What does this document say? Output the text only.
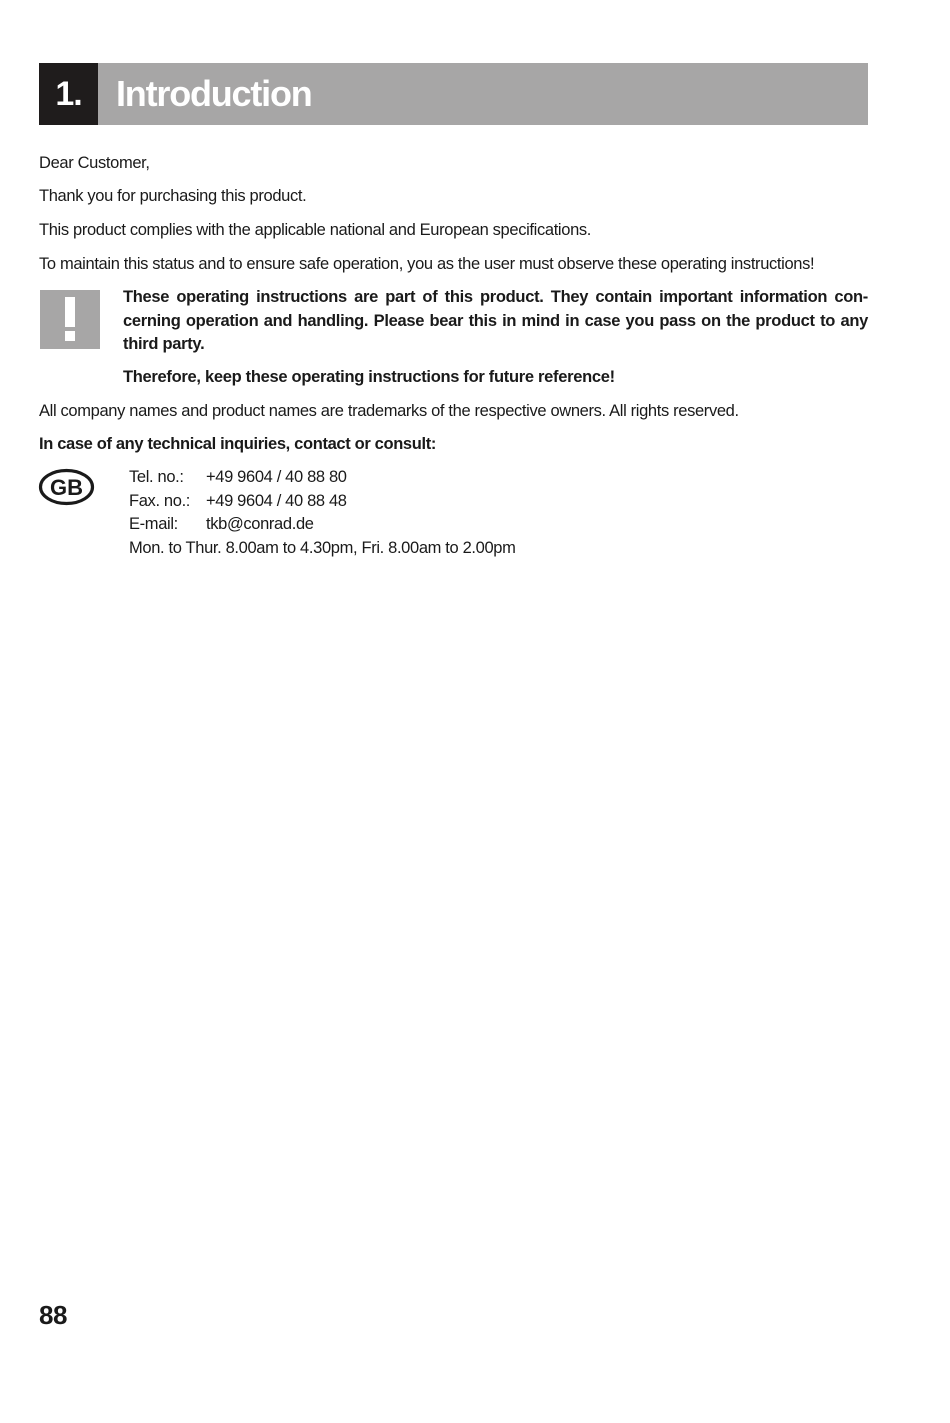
1. Introduction
Dear Customer,
Thank you for purchasing this product.
This product complies with the applicable national and European specifications.
To maintain this status and to ensure safe operation, you as the user must observe these operating instructions!
These operating instructions are part of this product. They contain important information con-cerning operation and handling. Please bear this in mind in case you pass on the product to any third party.
Therefore, keep these operating instructions for future reference!
All company names and product names are trademarks of the respective owners. All rights reserved.
In case of any technical inquiries, contact or consult:
GB	Tel. no.:	+49 9604 / 40 88 80
Fax. no.: +49 9604 / 40 88 48
E-mail:	tkb@conrad.de
Mon. to Thur. 8.00am to 4.30pm, Fri. 8.00am to 2.00pm
88
